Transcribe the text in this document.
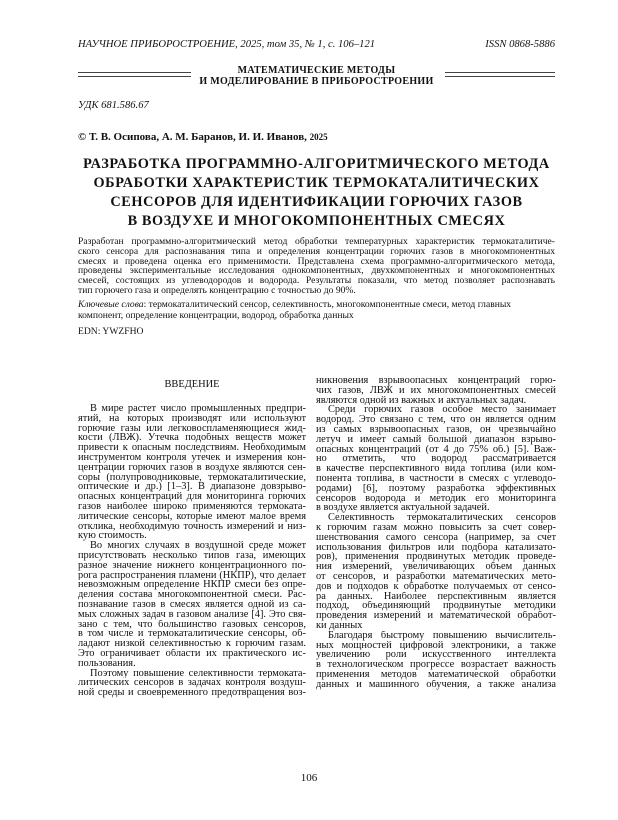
НАУЧНОЕ ПРИБОРОСТРОЕНИЕ, 2025, том 35, № 1, с. 106–121	ISSN 0868-5886
МАТЕМАТИЧЕСКИЕ МЕТОДЫ
И МОДЕЛИРОВАНИЕ В ПРИБОРОСТРОЕНИИ
УДК 681.586.67
© Т. В. Осипова, А. М. Баранов, И. И. Иванов, 2025
РАЗРАБОТКА ПРОГРАММНО-АЛГОРИТМИЧЕСКОГО МЕТОДА
ОБРАБОТКИ ХАРАКТЕРИСТИК ТЕРМОКАТАЛИТИЧЕСКИХ
СЕНСОРОВ ДЛЯ ИДЕНТИФИКАЦИИ ГОРЮЧИХ ГАЗОВ
В ВОЗДУХЕ И МНОГОКОМПОНЕНТНЫХ СМЕСЯХ
Разработан программно-алгоритмический метод обработки температурных характеристик термокаталитиче-
ского сенсора для распознавания типа и определения концентрации горючих газов в многокомпонентных
смесях и проведена оценка его применимости. Представлена схема программно-алгоритмического метода,
проведены экспериментальные исследования однокомпонентных, двухкомпонентных и многокомпонентных
смесей, состоящих из углеводородов и водорода. Результаты показали, что метод позволяет распознавать
тип горючего газа и определять концентрацию с точностью до 90%.
Ключевые слова: термокаталитический сенсор, селективность, многокомпонентные смеси, метод главных компонент, определение концентрации, водород, обработка данных
EDN: YWZFHO
ВВЕДЕНИЕ
В мире растет число промышленных предпри-
ятий, на которых производят или используют
горючие газы или легковоспламеняющиеся жид-
кости (ЛВЖ). Утечка подобных веществ может
привести к опасным последствиям. Необходимым
инструментом контроля утечек и измерения кон-
центрации горючих газов в воздухе являются сен-
соры (полупроводниковые, термокаталитические,
оптические и др.) [1–3]. В диапазоне довзрыво-
опасных концентраций для мониторинга горючих
газов наиболее широко применяются термоката-
литические сенсоры, которые имеют малое время
отклика, необходимую точность измерений и низ-
кую стоимость.
Во многих случаях в воздушной среде может
присутствовать несколько типов газа, имеющих
разное значение нижнего концентрационного по-
рога распространения пламени (НКПР), что делает
невозможным определение НКПР смеси без опре-
деления состава многокомпонентной смеси. Рас-
познавание газов в смесях является одной из са-
мых сложных задач в газовом анализе [4]. Это свя-
зано с тем, что большинство газовых сенсоров,
в том числе и термокаталитические сенсоры, об-
ладают низкой селективностью к горючим газам.
Это ограничивает области их практического ис-
пользования.
Поэтому повышение селективности термоката-
литических сенсоров в задачах контроля воздуш-
ной среды и своевременного предотвращения воз-
никновения взрывоопасных концентраций горю-
чих газов, ЛВЖ и их многокомпонентных смесей
являются одной из важных и актуальных задач.
Среди горючих газов особое место занимает
водород. Это связано с тем, что он является одним
из самых взрывоопасных газов, он чрезвычайно
летуч и имеет самый большой диапазон взрыво-
опасных концентраций (от 4 до 75% об.) [5]. Важ-
но отметить, что водород рассматривается
в качестве перспективного вида топлива (или ком-
понента топлива, в частности в смесях с углеводо-
родами) [6], поэтому разработка эффективных
сенсоров водорода и методик его мониторинга
в воздухе является актуальной задачей.
Селективность термокаталитических сенсоров
к горючим газам можно повысить за счет совер-
шенствования самого сенсора (например, за счет
использования фильтров или подбора катализато-
ров), применения продвинутых методик проведе-
ния измерений, увеличивающих объем данных
от сенсоров, и разработки математических мето-
дов и подходов к обработке получаемых от сенсо-
ра данных. Наиболее перспективным является
подход, объединяющий продвинутые методики
проведения измерений и математической обработ-
ки данных
Благодаря быстрому повышению вычислитель-
ных мощностей цифровой электроники, а также
увеличению роли искусственного интеллекта
в технологическом прогрессе возрастает важность
применения методов математической обработки
данных и машинного обучения, а также анализа
106
